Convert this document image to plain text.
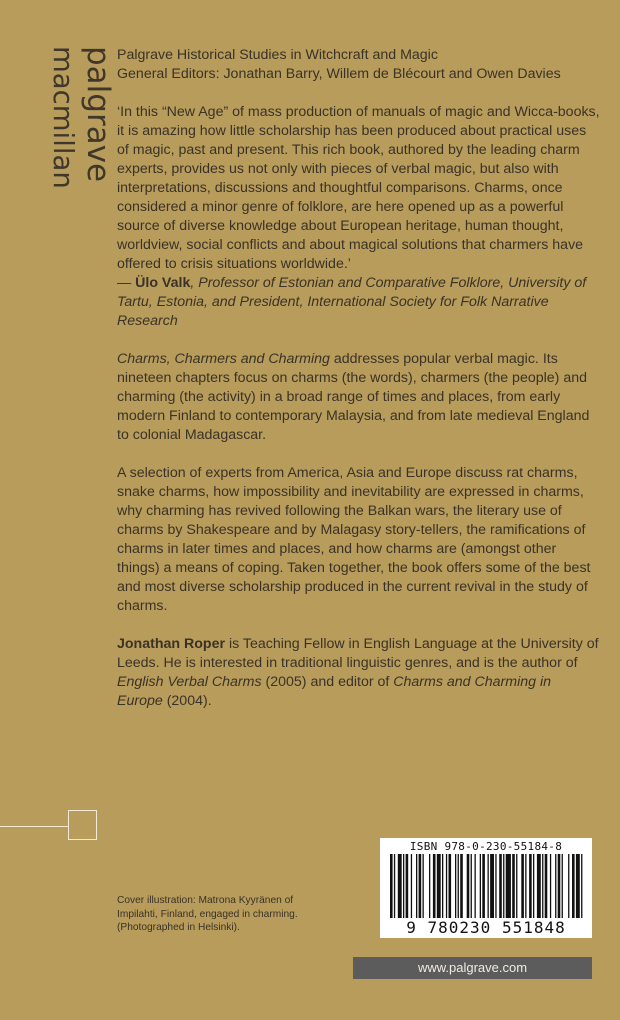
palgrave
macmillan	Palgrave Historical Studies in Witchcraft and Magic
General Editors: Jonathan Barry, Willem de Blécourt and Owen Davies

‘In this “New Age” of mass production of manuals of magic and Wicca-books, it is amazing how little scholarship has been produced about practical uses of magic, past and present. This rich book, authored by the leading charm experts, provides us not only with pieces of verbal magic, but also with interpretations, discussions and thoughtful comparisons. Charms, once considered a minor genre of folklore, are here opened up as a powerful source of diverse knowledge about European heritage, human thought, worldview, social conflicts and about magical solutions that charmers have offered to crisis situations worldwide.’

— Ülo Valk, Professor of Estonian and Comparative Folklore, University of Tartu, Estonia, and President, International Society for Folk Narrative Research

Charms, Charmers and Charming addresses popular verbal magic. Its nineteen chapters focus on charms (the words), charmers (the people) and charming (the activity) in a broad range of times and places, from early modern Finland to contemporary Malaysia, and from late medieval England to colonial Madagascar.

A selection of experts from America, Asia and Europe discuss rat charms, snake charms, how impossibility and inevitability are expressed in charms, why charming has revived following the Balkan wars, the literary use of charms by Shakespeare and by Malagasy story-tellers, the ramifications of charms in later times and places, and how charms are (amongst other things) a means of coping. Taken together, the book offers some of the best and most diverse scholarship produced in the current revival in the study of charms.

Jonathan Roper is Teaching Fellow in English Language at the University of Leeds. He is interested in traditional linguistic genres, and is the author of English Verbal Charms (2005) and editor of Charms and Charming in Europe (2004).

Cover illustration: Matrona Kyyränen of Impilahti, Finland, engaged in charming. (Photographed in Helsinki).
ISBN 978-0-230-55184-8
9 780230 551848
www.palgrave.com
